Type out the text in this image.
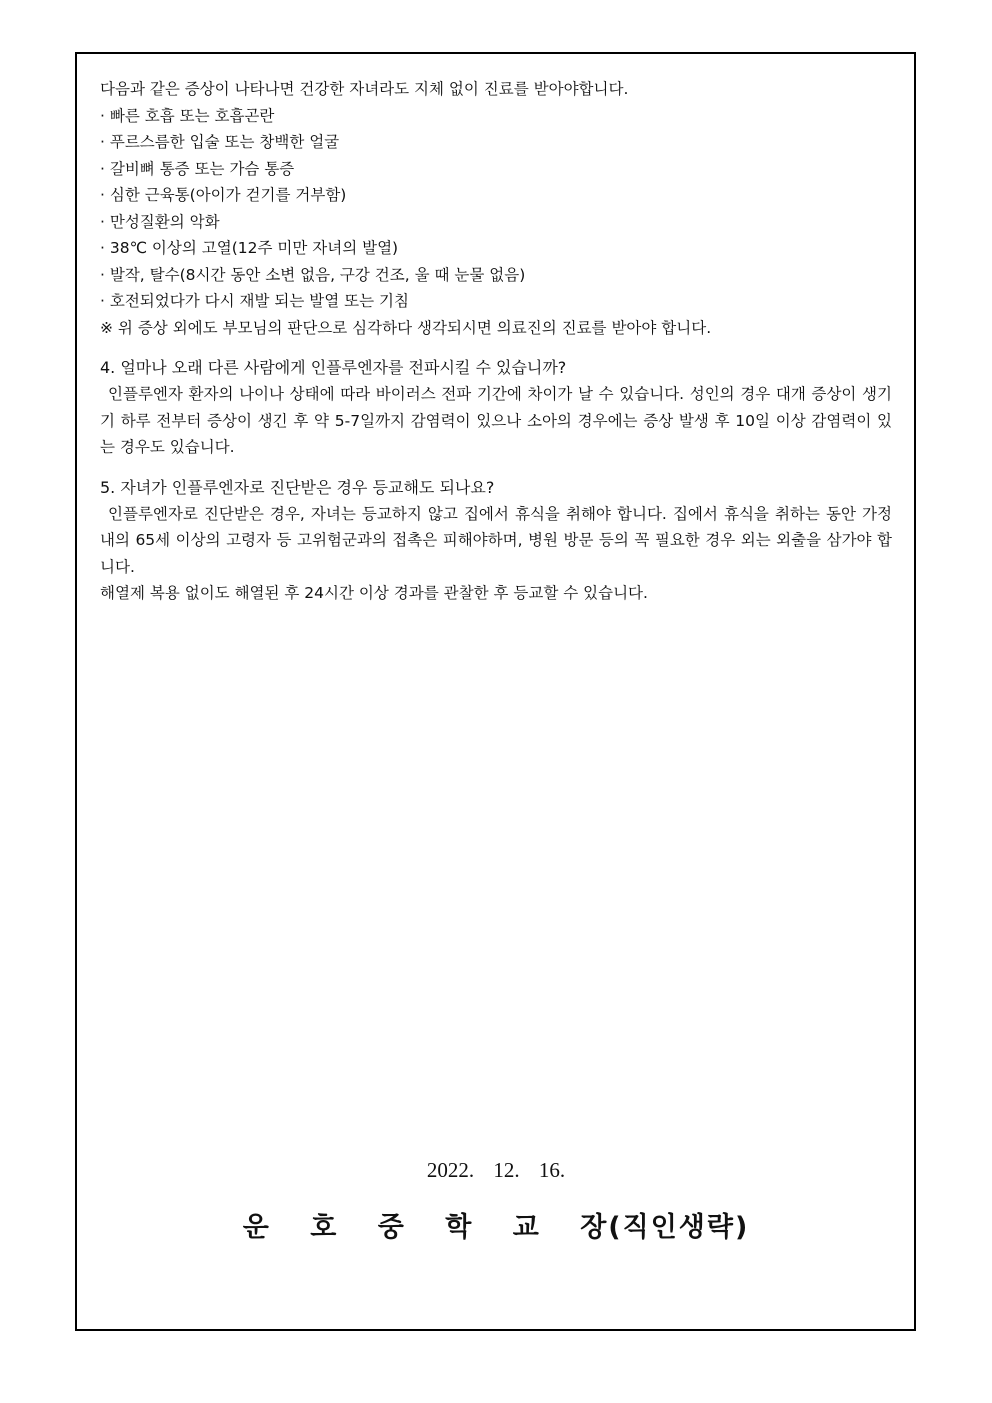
다음과 같은 증상이 나타나면 건강한 자녀라도 지체 없이 진료를 받아야합니다.

· 빠른 호흡 또는 호흡곤란

· 푸르스름한 입술 또는 창백한 얼굴

· 갈비뼈 통증 또는 가슴 통증

· 심한 근육통(아이가 걷기를 거부함)

· 만성질환의 악화

· 38℃ 이상의 고열(12주 미만 자녀의 발열)

· 발작, 탈수(8시간 동안 소변 없음, 구강 건조, 울 때 눈물 없음)

· 호전되었다가 다시 재발 되는 발열 또는 기침

※ 위 증상 외에도 부모님의 판단으로 심각하다 생각되시면 의료진의 진료를 받아야 합니다.

4. 얼마나 오래 다른 사람에게 인플루엔자를 전파시킬 수 있습니까?

인플루엔자 환자의 나이나 상태에 따라 바이러스 전파 기간에 차이가 날 수 있습니다. 성인의 경우 대개 증상이 생기기 하루 전부터 증상이 생긴 후 약 5-7일까지 감염력이 있으나 소아의 경우에는 증상 발생 후 10일 이상 감염력이 있는 경우도 있습니다.

5. 자녀가 인플루엔자로 진단받은 경우 등교해도 되나요?

인플루엔자로 진단받은 경우, 자녀는 등교하지 않고 집에서 휴식을 취해야 합니다. 집에서 휴식을 취하는 동안 가정 내의 65세 이상의 고령자 등 고위험군과의 접촉은 피해야하며, 병원 방문 등의 꼭 필요한 경우 외는 외출을 삼가야 합니다.

해열제 복용 없이도 해열된 후 24시간 이상 경과를 관찰한 후 등교할 수 있습니다.

2022. 12. 16.
운 호 중 학 교 장(직인생략)
